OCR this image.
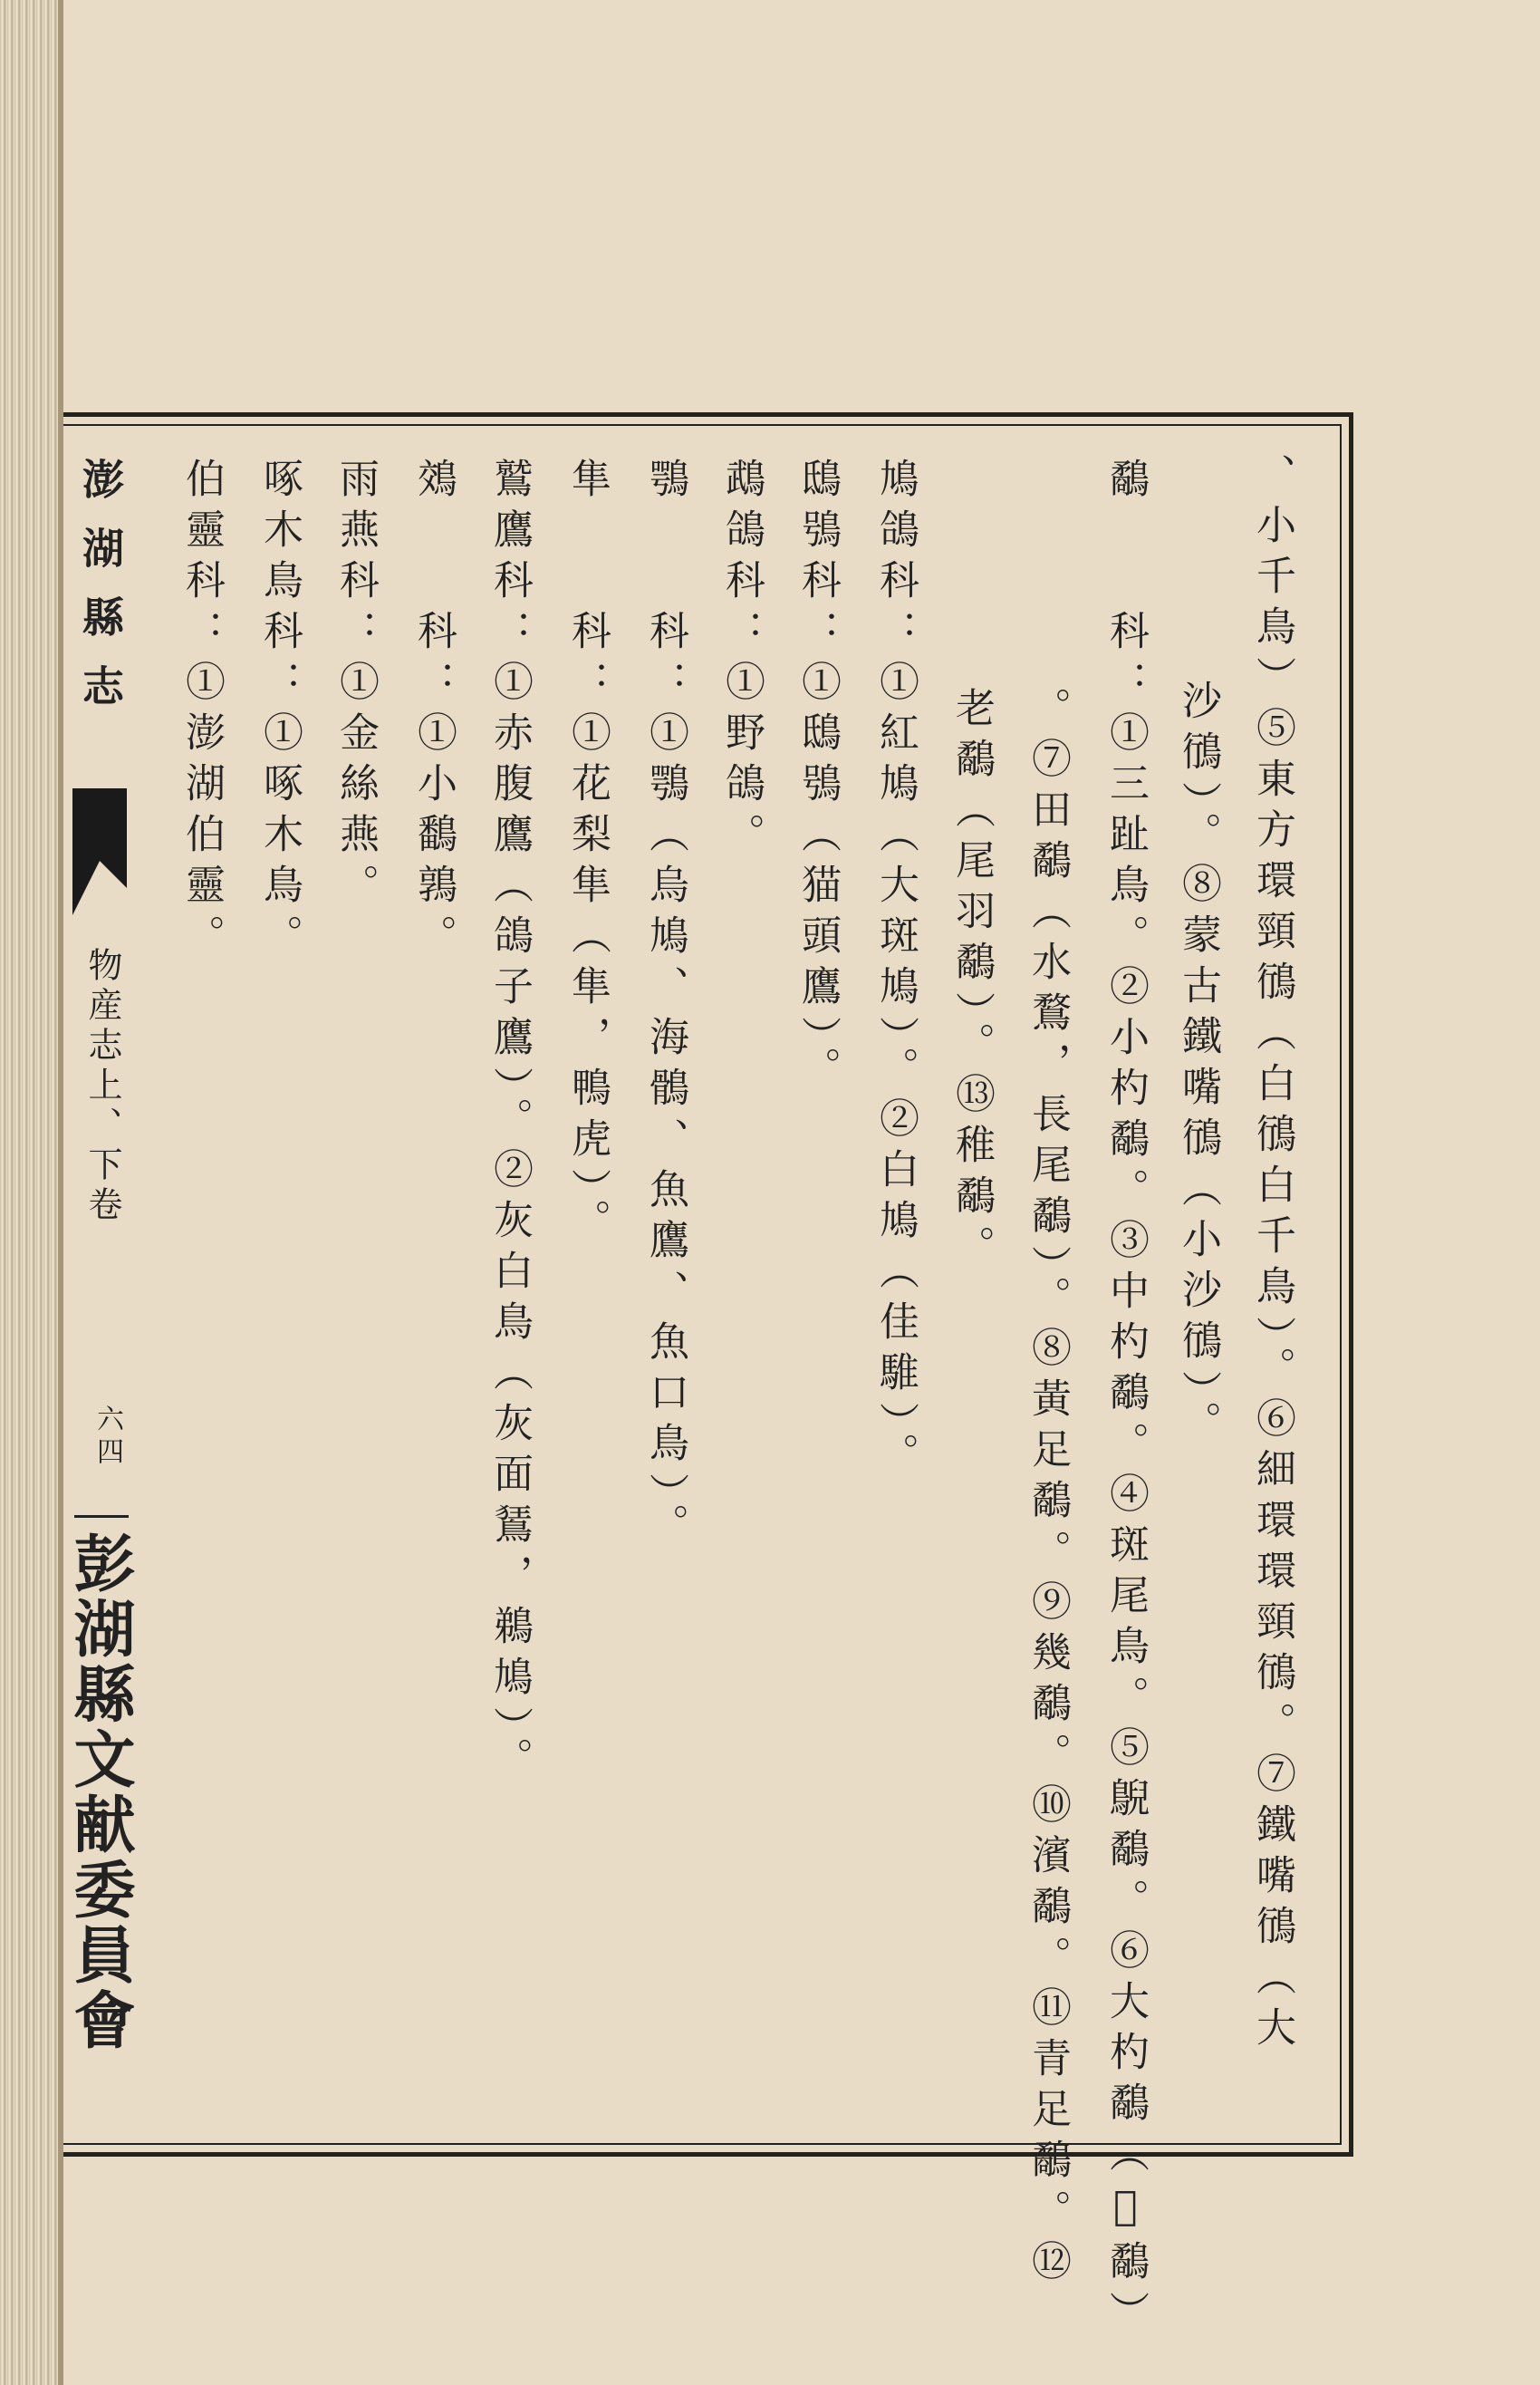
澎湖縣志
物産志上、下卷
六四
彭湖縣文献委員會	、小千鳥）⑤東方環頸鴴（白鴴白千鳥）。⑥細環環頸鴴。⑦鐵嘴鴴（大
沙鴴）。⑧蒙古鐵嘴鴴（小沙鴴）。
鷸　　科：①三趾鳥。②小杓鷸。③中杓鷸。④斑尾鳥。⑤鶃鷸。⑥大杓鷸（𪇧鷸）
。⑦田鷸（水鶩，長尾鷸）。⑧黃足鷸。⑨幾鷸。⑩濱鷸。⑪青足鷸。⑫
老鷸（尾羽鷸）。⑬稚鷸。
鳩鴿科：①紅鳩（大斑鳩）。②白鳩（佳騅）。
鴟鴞科：①鴟鴞（猫頭鷹）。
鵡鴿科：①野鴿。
鶚　　科：①鶚（烏鳩、海鶻、魚鷹、魚口鳥）。
隼　　科：①花梨隼（隼，鴨虎）。
鷲鷹科：①赤腹鷹（鴿子鷹）。②灰白鳥（灰面鵟，鵜鳩）。
鵁　　科：①小鷭鶉。
雨燕科：①金絲燕。
啄木鳥科：①啄木鳥。
伯靈科：①澎湖伯靈。
